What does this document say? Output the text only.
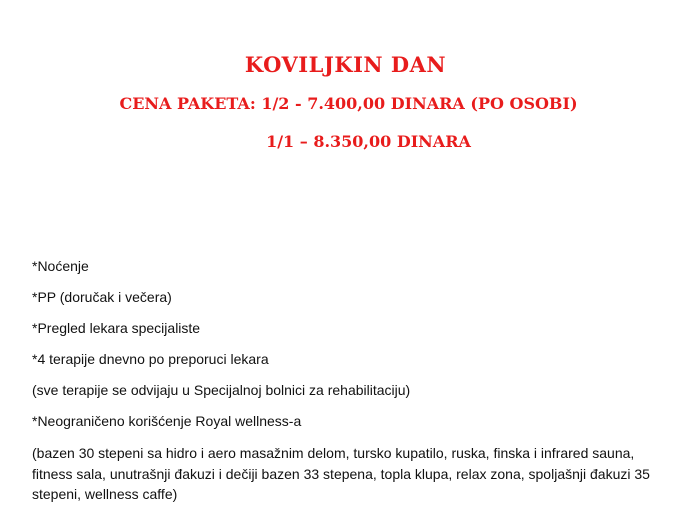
KOVILJKIN DAN
CENA PAKETA: 1/2 - 7.400,00 DINARA (PO OSOBI)
1/1 – 8.350,00 DINARA

*Noćenje

*PP (doručak i večera)

*Pregled lekara specijaliste

*4 terapije dnevno po preporuci lekara

(sve terapije se odvijaju u Specijalnoj bolnici za rehabilitaciju)

*Neograničeno korišćenje Royal wellness-a

(bazen 30 stepeni sa hidro i aero masažnim delom, tursko kupatilo, ruska, finska i infrared sauna, fitness sala, unutrašnji đakuzi i dečiji bazen 33 stepena, topla klupa, relax zona, spoljašnji đakuzi 35 stepeni, wellness caffe)
